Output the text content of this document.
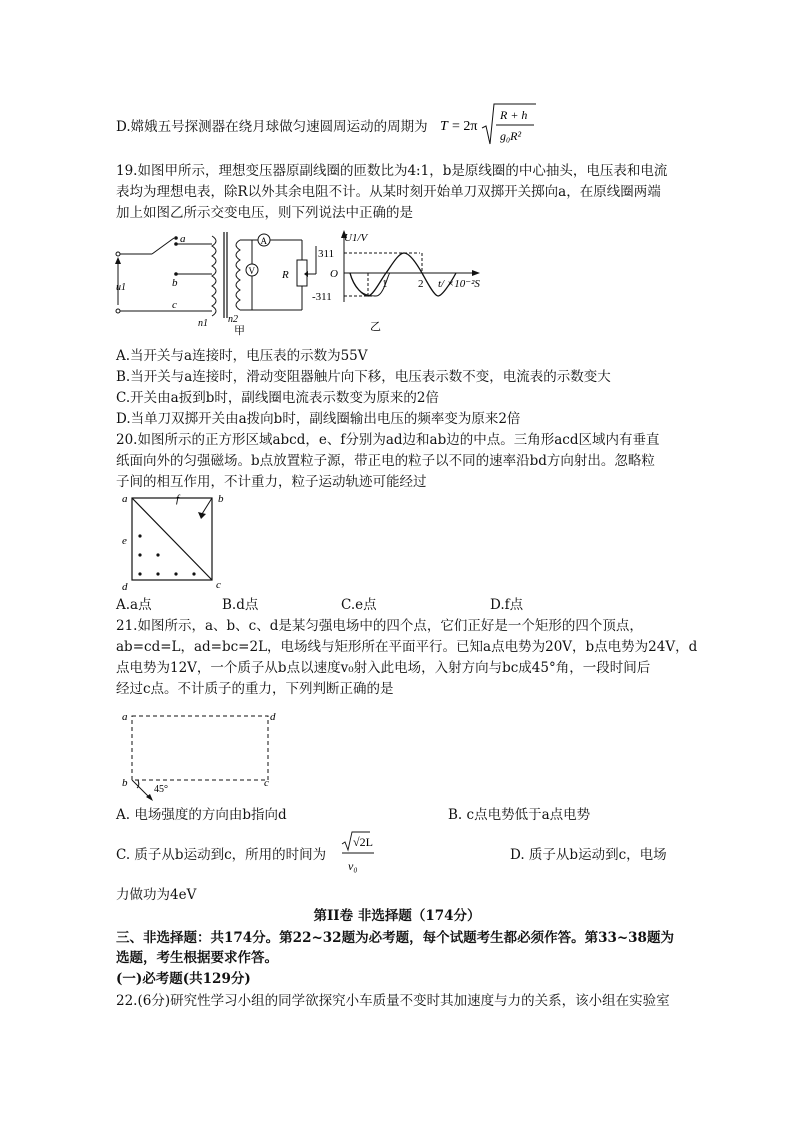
D.嫦娥五号探测器在绕月球做匀速圆周运动的周期为 T = 2π
R + h
g₀R²
19.如图甲所示，理想变压器原副线圈的匝数比为4:1，b是原线圈的中心抽头，电压表和电流
表均为理想电表，除R以外其余电阻不计。从某时刻开始单刀双掷开关掷向a，在原线圈两端
加上如图乙所示交变电压，则下列说法中正确的是
u1
a
b
c
n1 n2
甲
A
V R
U1/V
311
O
-311
1	2 t/ ×10⁻²S
乙
A.当开关与a连接时，电压表的示数为55V
B.当开关与a连接时，滑动变阻器触片向下移，电压表示数不变，电流表的示数变大
C.开关由a扳到b时，副线圈电流表示数变为原来的2倍
D.当单刀双掷开关由a拨向b时，副线圈输出电压的频率变为原来2倍
20.如图所示的正方形区域abcd，e、f分别为ad边和ab边的中点。三角形acd区域内有垂直
纸面向外的匀强磁场。b点放置粒子源，带正电的粒子以不同的速率沿bd方向射出。忽略粒
子间的相互作用，不计重力，粒子运动轨迹可能经过
a	b
c
d
e
f
A.a点	B.d点	C.e点	D.f点
21.如图所示，a、b、c、d是某匀强电场中的四个点，它们正好是一个矩形的四个顶点，
ab=cd=L，ad=bc=2L，电场线与矩形所在平面平行。已知a点电势为20V，b点电势为24V，d
点电势为12V，一个质子从b点以速度v₀射入此电场，入射方向与bc成45°角，一段时间后
经过c点。不计质子的重力，下列判断正确的是
a	d
b	c
45°
A. 电场强度的方向由b指向d	B. c点电势低于a点电势
C. 质子从b运动到c，所用的时间为
√2L
v₀
D. 质子从b运动到c，电场
力做功为4eV
第II卷 非选择题（174分）
三、非选择题：共174分。第22~32题为必考题，每个试题考生都必须作答。第33~38题为
选题，考生根据要求作答。
(一)必考题(共129分)
22.(6分)研究性学习小组的同学欲探究小车质量不变时其加速度与力的关系，该小组在实验室
